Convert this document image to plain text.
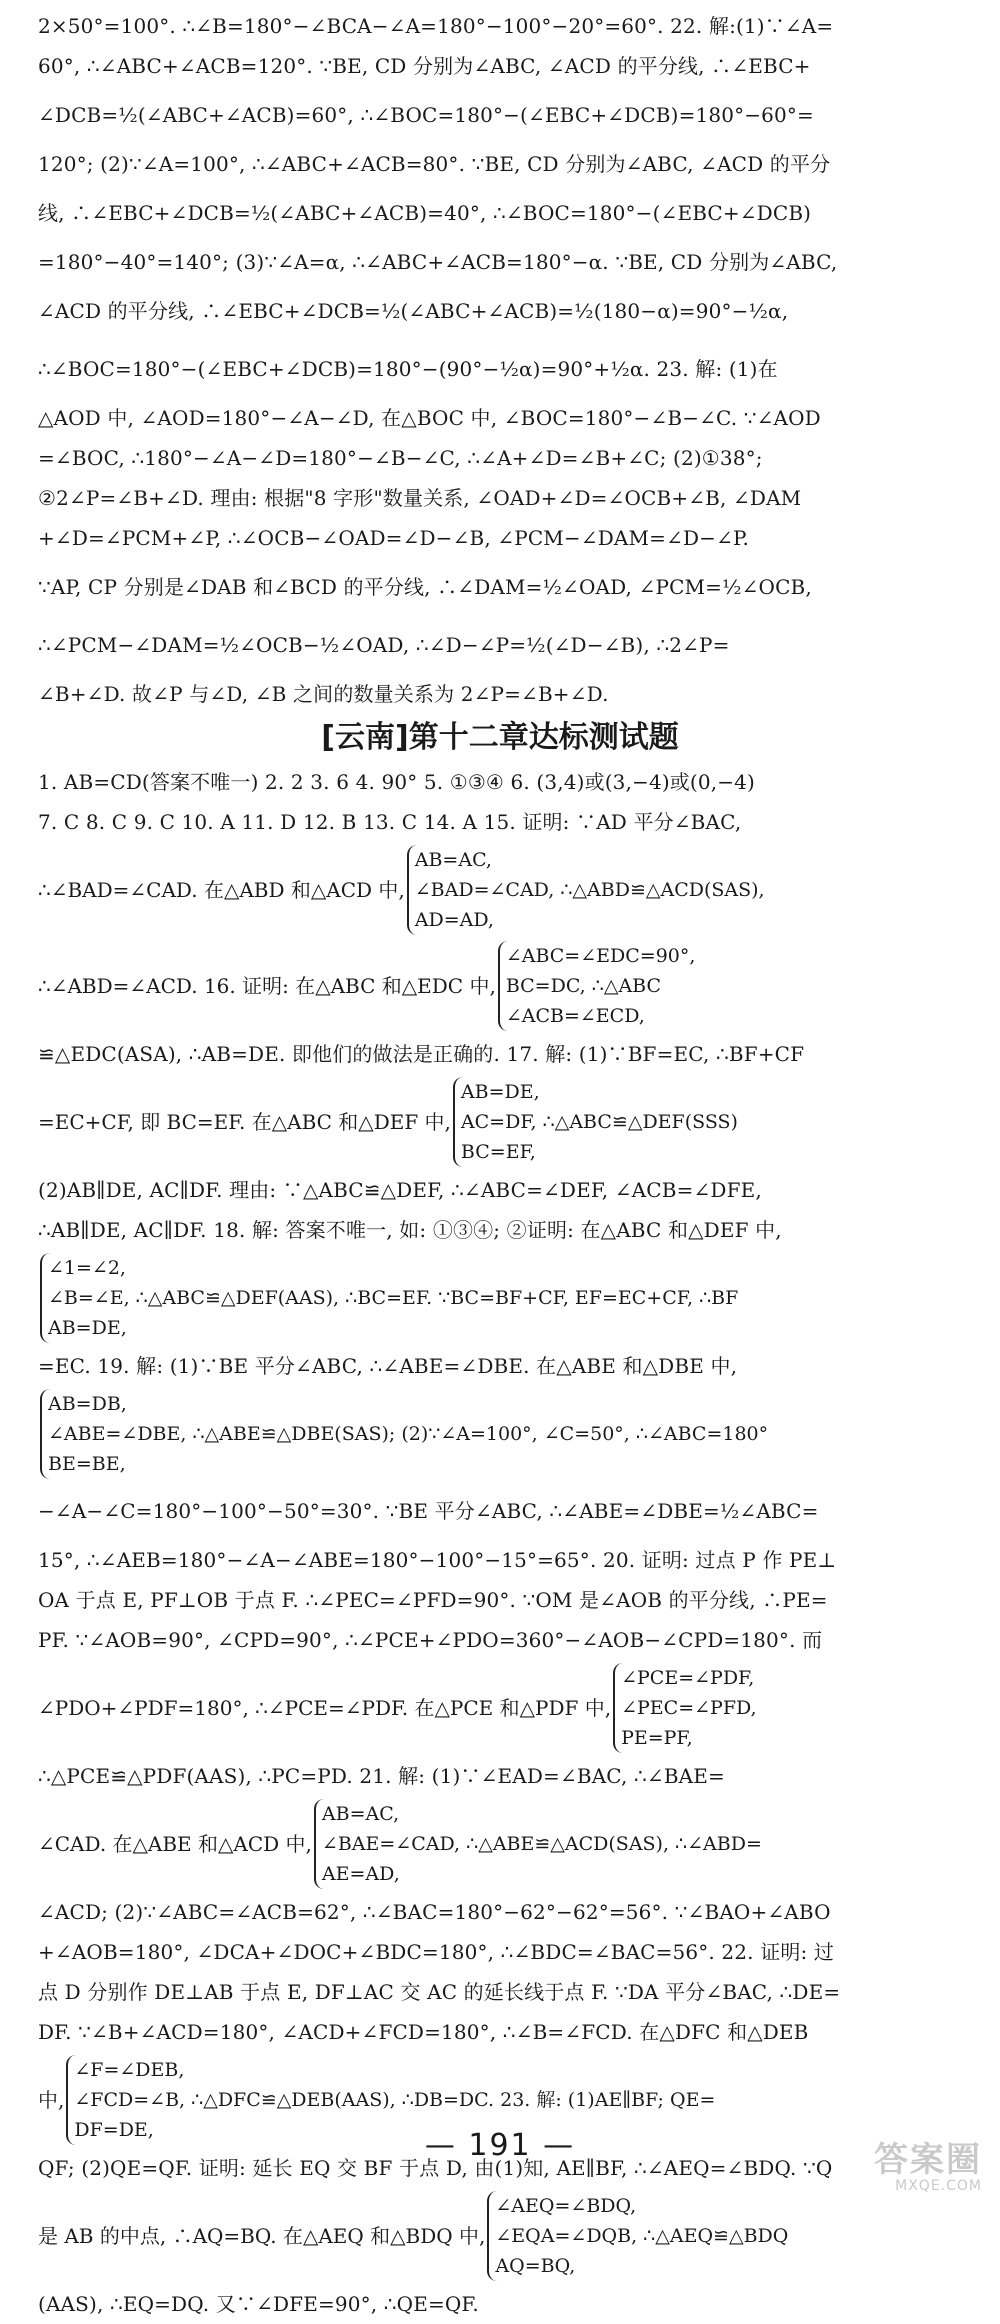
2×50°=100°. ∴∠B=180°−∠BCA−∠A=180°−100°−20°=60°. 22. 解:(1)∵∠A=
60°, ∴∠ABC+∠ACB=120°. ∵BE, CD 分别为∠ABC, ∠ACD 的平分线, ∴∠EBC+
∠DCB=½(∠ABC+∠ACB)=60°, ∴∠BOC=180°−(∠EBC+∠DCB)=180°−60°=
120°; (2)∵∠A=100°, ∴∠ABC+∠ACB=80°. ∵BE, CD 分别为∠ABC, ∠ACD 的平分
线, ∴∠EBC+∠DCB=½(∠ABC+∠ACB)=40°, ∴∠BOC=180°−(∠EBC+∠DCB)
=180°−40°=140°; (3)∵∠A=α, ∴∠ABC+∠ACB=180°−α. ∵BE, CD 分别为∠ABC,
∠ACD 的平分线, ∴∠EBC+∠DCB=½(∠ABC+∠ACB)=½(180−α)=90°−½α,
∴∠BOC=180°−(∠EBC+∠DCB)=180°−(90°−½α)=90°+½α. 23. 解: (1)在
△AOD 中, ∠AOD=180°−∠A−∠D, 在△BOC 中, ∠BOC=180°−∠B−∠C. ∵∠AOD
=∠BOC, ∴180°−∠A−∠D=180°−∠B−∠C, ∴∠A+∠D=∠B+∠C; (2)①38°;
②2∠P=∠B+∠D. 理由: 根据"8 字形"数量关系, ∠OAD+∠D=∠OCB+∠B, ∠DAM
+∠D=∠PCM+∠P, ∴∠OCB−∠OAD=∠D−∠B, ∠PCM−∠DAM=∠D−∠P.
∵AP, CP 分别是∠DAB 和∠BCD 的平分线, ∴∠DAM=½∠OAD, ∠PCM=½∠OCB,
∴∠PCM−∠DAM=½∠OCB−½∠OAD, ∴∠D−∠P=½(∠D−∠B), ∴2∠P=
∠B+∠D. 故∠P 与∠D, ∠B 之间的数量关系为 2∠P=∠B+∠D.
[云南]第十二章达标测试题
1. AB=CD(答案不唯一) 2. 2 3. 6 4. 90° 5. ①③④ 6. (3,4)或(3,−4)或(0,−4)
7. C 8. C 9. C 10. A 11. D 12. B 13. C 14. A 15. 证明: ∵AD 平分∠BAC,
∴∠BAD=∠CAD. 在△ABD 和△ACD 中,
AB=AC,
∠BAD=∠CAD, ∴△ABD≌△ACD(SAS),
AD=AD,
∴∠ABD=∠ACD. 16. 证明: 在△ABC 和△EDC 中,
∠ABC=∠EDC=90°,
BC=DC, ∴△ABC
∠ACB=∠ECD,
≌△EDC(ASA), ∴AB=DE. 即他们的做法是正确的. 17. 解: (1)∵BF=EC, ∴BF+CF
=EC+CF, 即 BC=EF. 在△ABC 和△DEF 中,
AB=DE,
AC=DF, ∴△ABC≌△DEF(SSS)
BC=EF,
(2)AB∥DE, AC∥DF. 理由: ∵△ABC≌△DEF, ∴∠ABC=∠DEF, ∠ACB=∠DFE,
∴AB∥DE, AC∥DF. 18. 解: 答案不唯一, 如: ①③④; ②证明: 在△ABC 和△DEF 中,
∠1=∠2,
∠B=∠E, ∴△ABC≌△DEF(AAS), ∴BC=EF. ∵BC=BF+CF, EF=EC+CF, ∴BF
AB=DE,
=EC. 19. 解: (1)∵BE 平分∠ABC, ∴∠ABE=∠DBE. 在△ABE 和△DBE 中,
AB=DB,
∠ABE=∠DBE, ∴△ABE≌△DBE(SAS); (2)∵∠A=100°, ∠C=50°, ∴∠ABC=180°
BE=BE,
−∠A−∠C=180°−100°−50°=30°. ∵BE 平分∠ABC, ∴∠ABE=∠DBE=½∠ABC=
15°, ∴∠AEB=180°−∠A−∠ABE=180°−100°−15°=65°. 20. 证明: 过点 P 作 PE⊥
OA 于点 E, PF⊥OB 于点 F. ∴∠PEC=∠PFD=90°. ∵OM 是∠AOB 的平分线, ∴PE=
PF. ∵∠AOB=90°, ∠CPD=90°, ∴∠PCE+∠PDO=360°−∠AOB−∠CPD=180°. 而
∠PDO+∠PDF=180°, ∴∠PCE=∠PDF. 在△PCE 和△PDF 中,
∠PCE=∠PDF,
∠PEC=∠PFD,
PE=PF,
∴△PCE≌△PDF(AAS), ∴PC=PD. 21. 解: (1)∵∠EAD=∠BAC, ∴∠BAE=
∠CAD. 在△ABE 和△ACD 中,
AB=AC,
∠BAE=∠CAD, ∴△ABE≌△ACD(SAS), ∴∠ABD=
AE=AD,
∠ACD; (2)∵∠ABC=∠ACB=62°, ∴∠BAC=180°−62°−62°=56°. ∵∠BAO+∠ABO
+∠AOB=180°, ∠DCA+∠DOC+∠BDC=180°, ∴∠BDC=∠BAC=56°. 22. 证明: 过
点 D 分别作 DE⊥AB 于点 E, DF⊥AC 交 AC 的延长线于点 F. ∵DA 平分∠BAC, ∴DE=
DF. ∵∠B+∠ACD=180°, ∠ACD+∠FCD=180°, ∴∠B=∠FCD. 在△DFC 和△DEB
中,
∠F=∠DEB,
∠FCD=∠B, ∴△DFC≌△DEB(AAS), ∴DB=DC. 23. 解: (1)AE∥BF; QE=
DF=DE,
QF; (2)QE=QF. 证明: 延长 EQ 交 BF 于点 D, 由(1)知, AE∥BF, ∴∠AEQ=∠BDQ. ∵Q
是 AB 的中点, ∴AQ=BQ. 在△AEQ 和△BDQ 中,
∠AEQ=∠BDQ,
∠EQA=∠DQB, ∴△AEQ≌△BDQ
AQ=BQ,
(AAS), ∴EQ=DQ. 又∵∠DFE=90°, ∴QE=QF.
— 191 —	答案圈
MXQE.COM
